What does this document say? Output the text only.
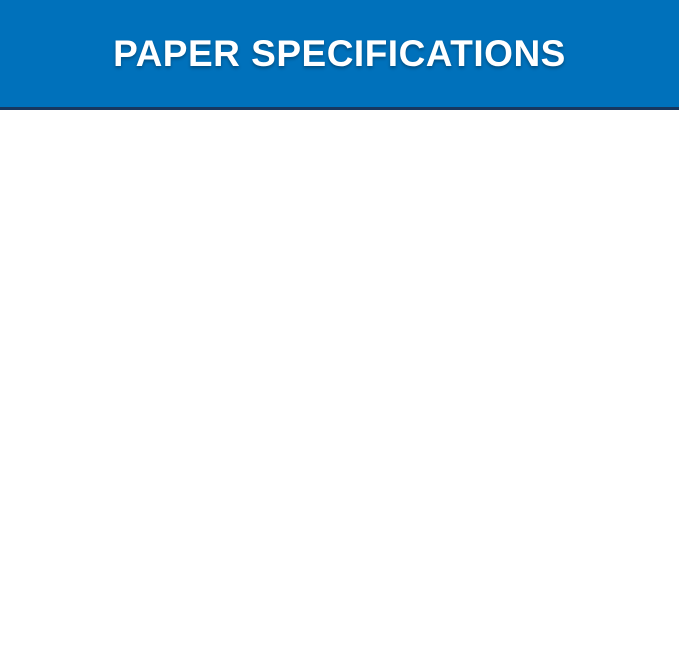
PAPER SPECIFICATIONS
